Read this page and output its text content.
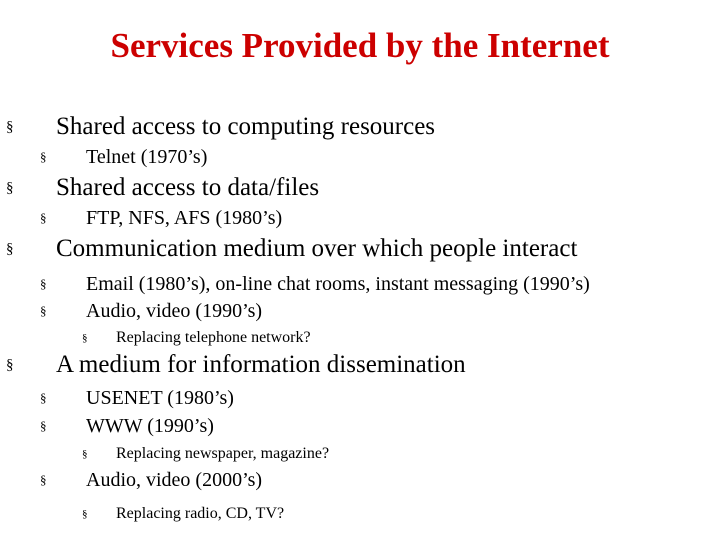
Services Provided by the Internet
§ Shared access to computing resources
§ Telnet (1970’s)
§ Shared access to data/files
§ FTP, NFS, AFS (1980’s)
§ Communication medium over which people interact
§ Email (1980’s), on-line chat rooms, instant messaging (1990’s)
§ Audio, video (1990’s)
§ Replacing telephone network?
§ A medium for information dissemination
§ USENET (1980’s)
§ WWW (1990’s)
§ Replacing newspaper, magazine?
§ Audio, video (2000’s)
§ Replacing radio, CD, TV?
